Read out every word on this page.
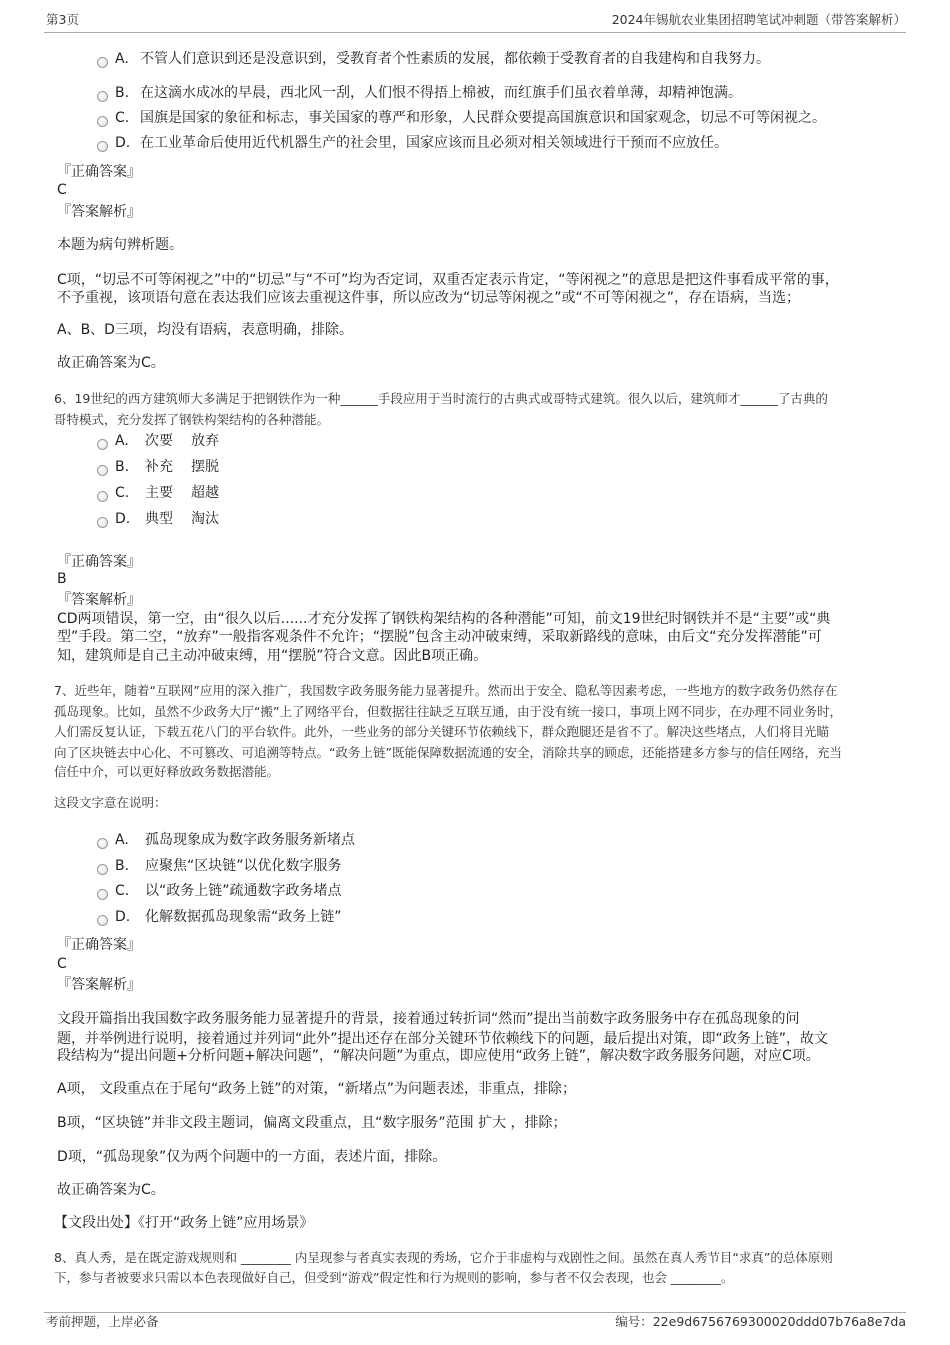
第3页	2024年锡航农业集团招聘笔试冲刺题（带答案解析）
A. 不管人们意识到还是没意识到，受教育者个性素质的发展，都依赖于受教育者的自我建构和自我努力。
B. 在这滴水成冰的早晨，西北风一刮，人们恨不得捂上棉被，而红旗手们虽衣着单薄，却精神饱满。
C. 国旗是国家的象征和标志，事关国家的尊严和形象，人民群众要提高国旗意识和国家观念，切忌不可等闲视之。
D. 在工业革命后使用近代机器生产的社会里，国家应该而且必须对相关领域进行干预而不应放任。
『正确答案』
C
『答案解析』
本题为病句辨析题。
C项，“切忌不可等闲视之”中的“切忌”与“不可”均为否定词，双重否定表示肯定，“等闲视之”的意思是把这件事看成平常的事，
不予重视，该项语句意在表达我们应该去重视这件事，所以应改为“切忌等闲视之”或“不可等闲视之”，存在语病，当选；
A、B、D三项，均没有语病，表意明确，排除。
故正确答案为C。
6、19世纪的西方建筑师大多满足于把钢铁作为一种______手段应用于当时流行的古典式或哥特式建筑。很久以后，建筑师才______了古典的
哥特模式，充分发挥了钢铁构架结构的各种潜能。
A. 次要 放弃
B. 补充 摆脱
C. 主要 超越
D. 典型 淘汰
『正确答案』
B
『答案解析』
CD两项错误，第一空，由“很久以后......才充分发挥了钢铁构架结构的各种潜能”可知，前文19世纪时钢铁并不是“主要”或“典
型”手段。第二空，“放弃”一般指客观条件不允许；“摆脱”包含主动冲破束缚，采取新路线的意味，由后文“充分发挥潜能”可
知，建筑师是自己主动冲破束缚，用“摆脱”符合文意。因此B项正确。
7、近些年，随着“互联网”应用的深入推广，我国数字政务服务能力显著提升。然而出于安全、隐私等因素考虑，一些地方的数字政务仍然存在
孤岛现象。比如，虽然不少政务大厅“搬”上了网络平台，但数据往往缺乏互联互通，由于没有统一接口，事项上网不同步，在办理不同业务时，
人们需反复认证，下载五花八门的平台软件。此外，一些业务的部分关键环节依赖线下，群众跑腿还是省不了。解决这些堵点，人们将目光瞄
向了区块链去中心化、不可篡改、可追溯等特点。“政务上链”既能保障数据流通的安全，消除共享的顾虑，还能搭建多方参与的信任网络，充当
信任中介，可以更好释放政务数据潜能。
这段文字意在说明：
A. 孤岛现象成为数字政务服务新堵点
B. 应聚焦“区块链”以优化数字服务
C. 以“政务上链”疏通数字政务堵点
D. 化解数据孤岛现象需“政务上链”
『正确答案』
C
『答案解析』
文段开篇指出我国数字政务服务能力显著提升的背景，接着通过转折词“然而”提出当前数字政务服务中存在孤岛现象的问
题，并举例进行说明，接着通过并列词“此外”提出还存在部分关键环节依赖线下的问题，最后提出对策，即“政务上链”，故文
段结构为“提出问题+分析问题+解决问题”，“解决问题”为重点，即应使用“政务上链”，解决数字政务服务问题，对应C项。
A项， 文段重点在于尾句“政务上链”的对策，“新堵点”为问题表述，非重点，排除；
B项，“区块链”并非文段主题词，偏离文段重点，且“数字服务”范围 扩大 ，排除；
D项，“孤岛现象”仅为两个问题中的一方面，表述片面，排除。
故正确答案为C。
【文段出处】《打开“政务上链”应用场景》
8、真人秀，是在既定游戏规则和 ________ 内呈现参与者真实表现的秀场，它介于非虚构与戏剧性之间。虽然在真人秀节目“求真”的总体原则
下，参与者被要求只需以本色表现做好自己，但受到“游戏”假定性和行为规则的影响，参与者不仅会表现，也会 ________。
考前押题，上岸必备	编号：22e9d6756769300020ddd07b76a8e7da
